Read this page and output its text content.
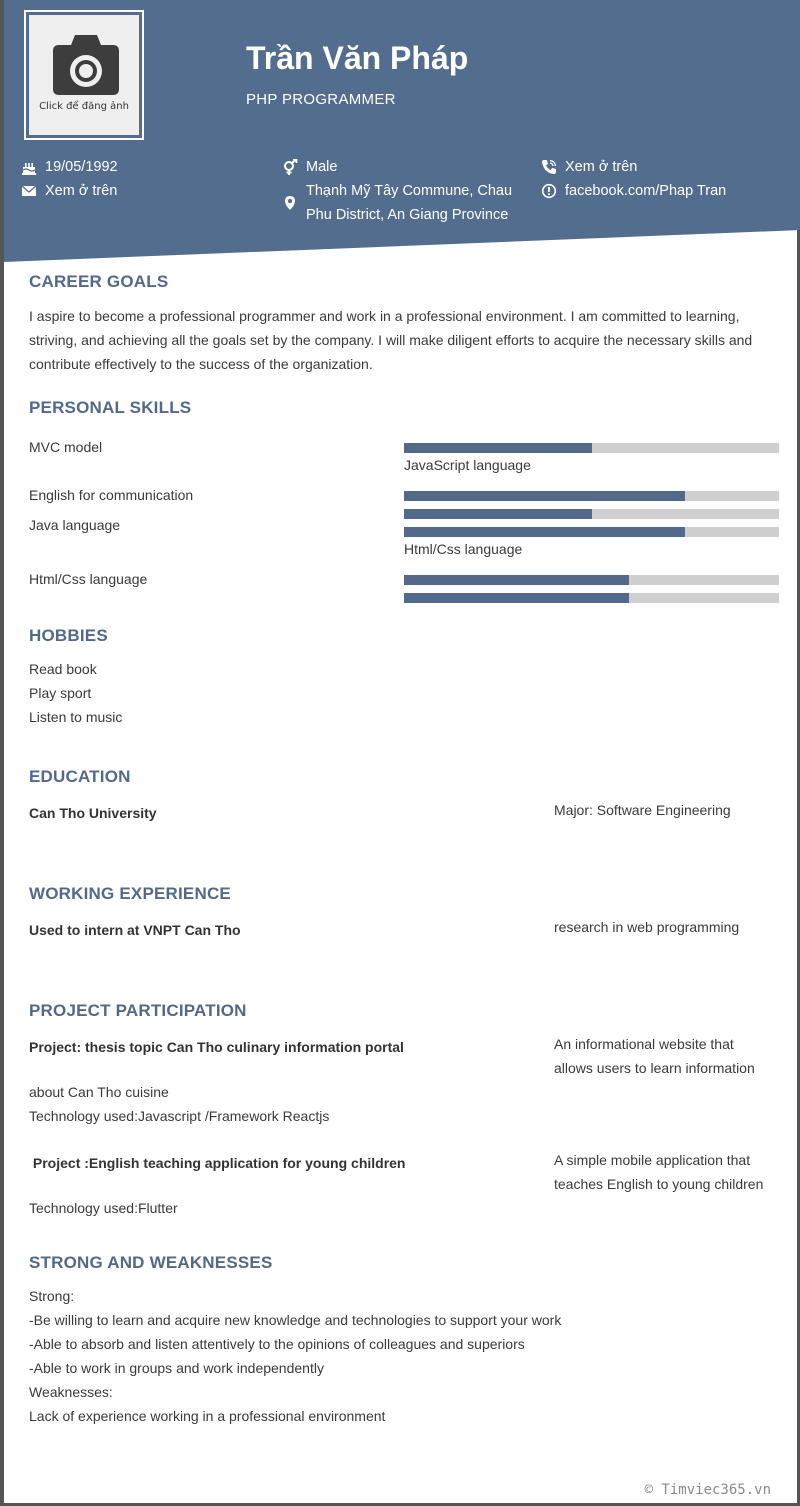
Click để đăng ảnh
Trần Văn Pháp
PHP PROGRAMMER
19/05/1992
Xem ở trên
Male
Thạnh Mỹ Tây Commune, Chau
Phu District, An Giang Province
Xem ở trên
facebook.com/Phap Tran
CAREER GOALS
I aspire to become a professional programmer and work in a professional environment. I am committed to learning,
striving, and achieving all the goals set by the company. I will make diligent efforts to acquire the necessary skills and
contribute effectively to the success of the organization.
PERSONAL SKILLS
MVC model
English for communication
Java language
Html/Css language
JavaScript language
Html/Css language
HOBBIES
Read book
Play sport
Listen to music
EDUCATION
Can Tho University	Major: Software Engineering
WORKING EXPERIENCE
Used to intern at VNPT Can Tho	research in web programming
PROJECT PARTICIPATION
Project: thesis topic Can Tho culinary information portal	An informational website that
allows users to learn information
about Can Tho cuisine
Technology used:Javascript /Framework Reactjs
Project :English teaching application for young children	A simple mobile application that
teaches English to young children
Technology used:Flutter
STRONG AND WEAKNESSES
Strong:
-Be willing to learn and acquire new knowledge and technologies to support your work
-Able to absorb and listen attentively to the opinions of colleagues and superiors
-Able to work in groups and work independently
Weaknesses:
Lack of experience working in a professional environment
© Timviec365.vn
